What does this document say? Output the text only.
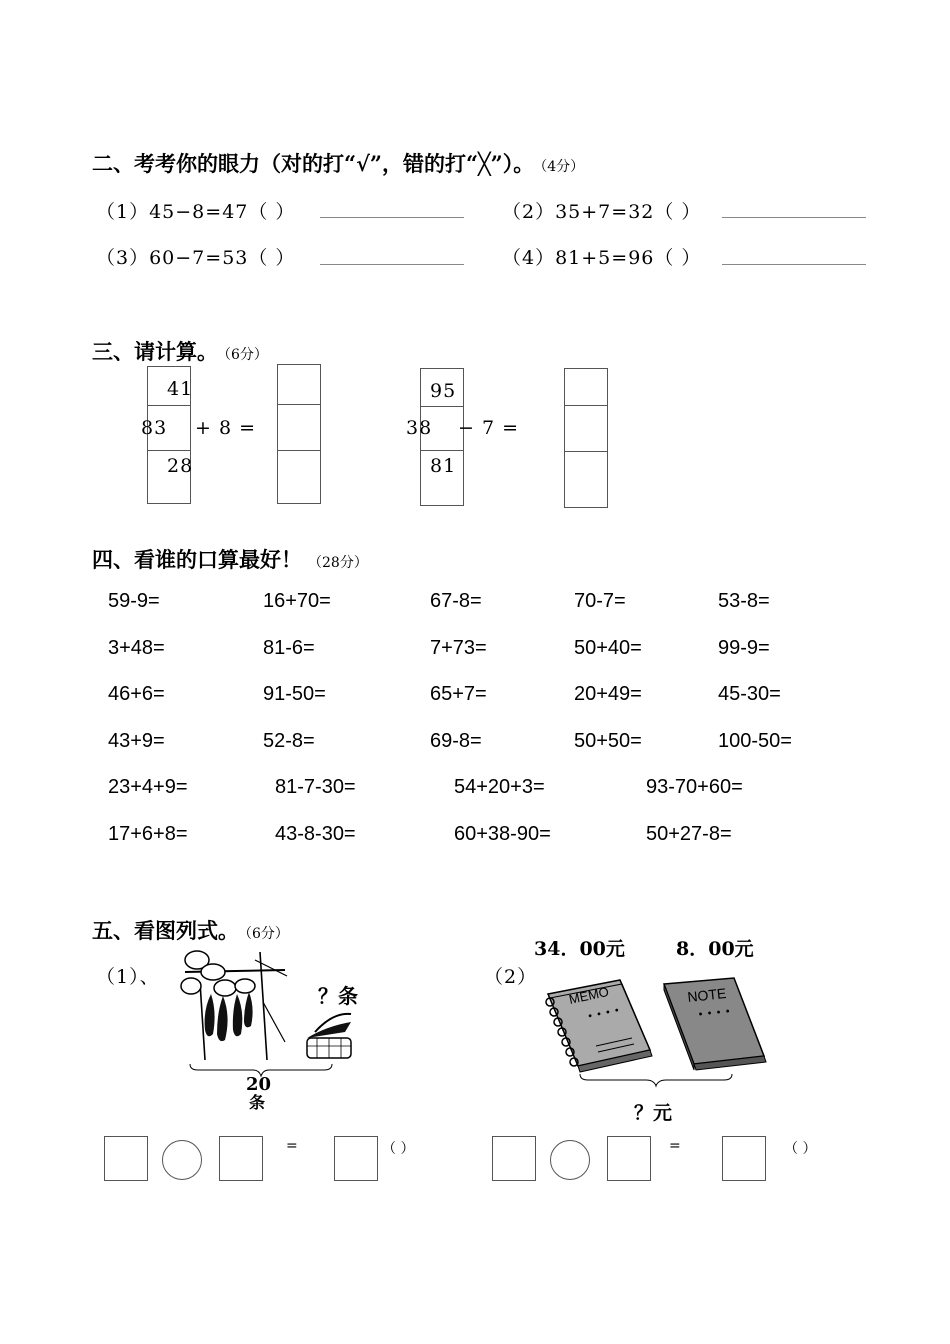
二、考考你的眼力（对的打“√”，错的打“╳”）。 （4分）
（1）45−8=47（ ）	（2）35+7=32（ ）
（3）60−7=53（ ）	（4）81+5=96（ ）
三、请计算。 （6分）
41
83
28
+ 8 =
95
38
81
− 7 =
四、看谁的口算最好！ （28分）
59-9=	16+70=	67-8=	70-7=	53-8=
3+48=	81-6=	7+73=	50+40=	99-9=
46+6=	91-50=	65+7=	20+49=	45-30=
43+9=	52-8=	69-8=	50+50=	100-50=
23+4+9=	81-7-30=	54+20+3=	93-70+60=
17+6+8=	43-8-30=	60+38-90=	50+27-8=
五、看图列式。 （6分）
（1）、
？条
20
条
（2）
34．00元	8．00元
MEMO
• • • •
NOTE
• • • •
？元
=	（ ）	=	（ ）
